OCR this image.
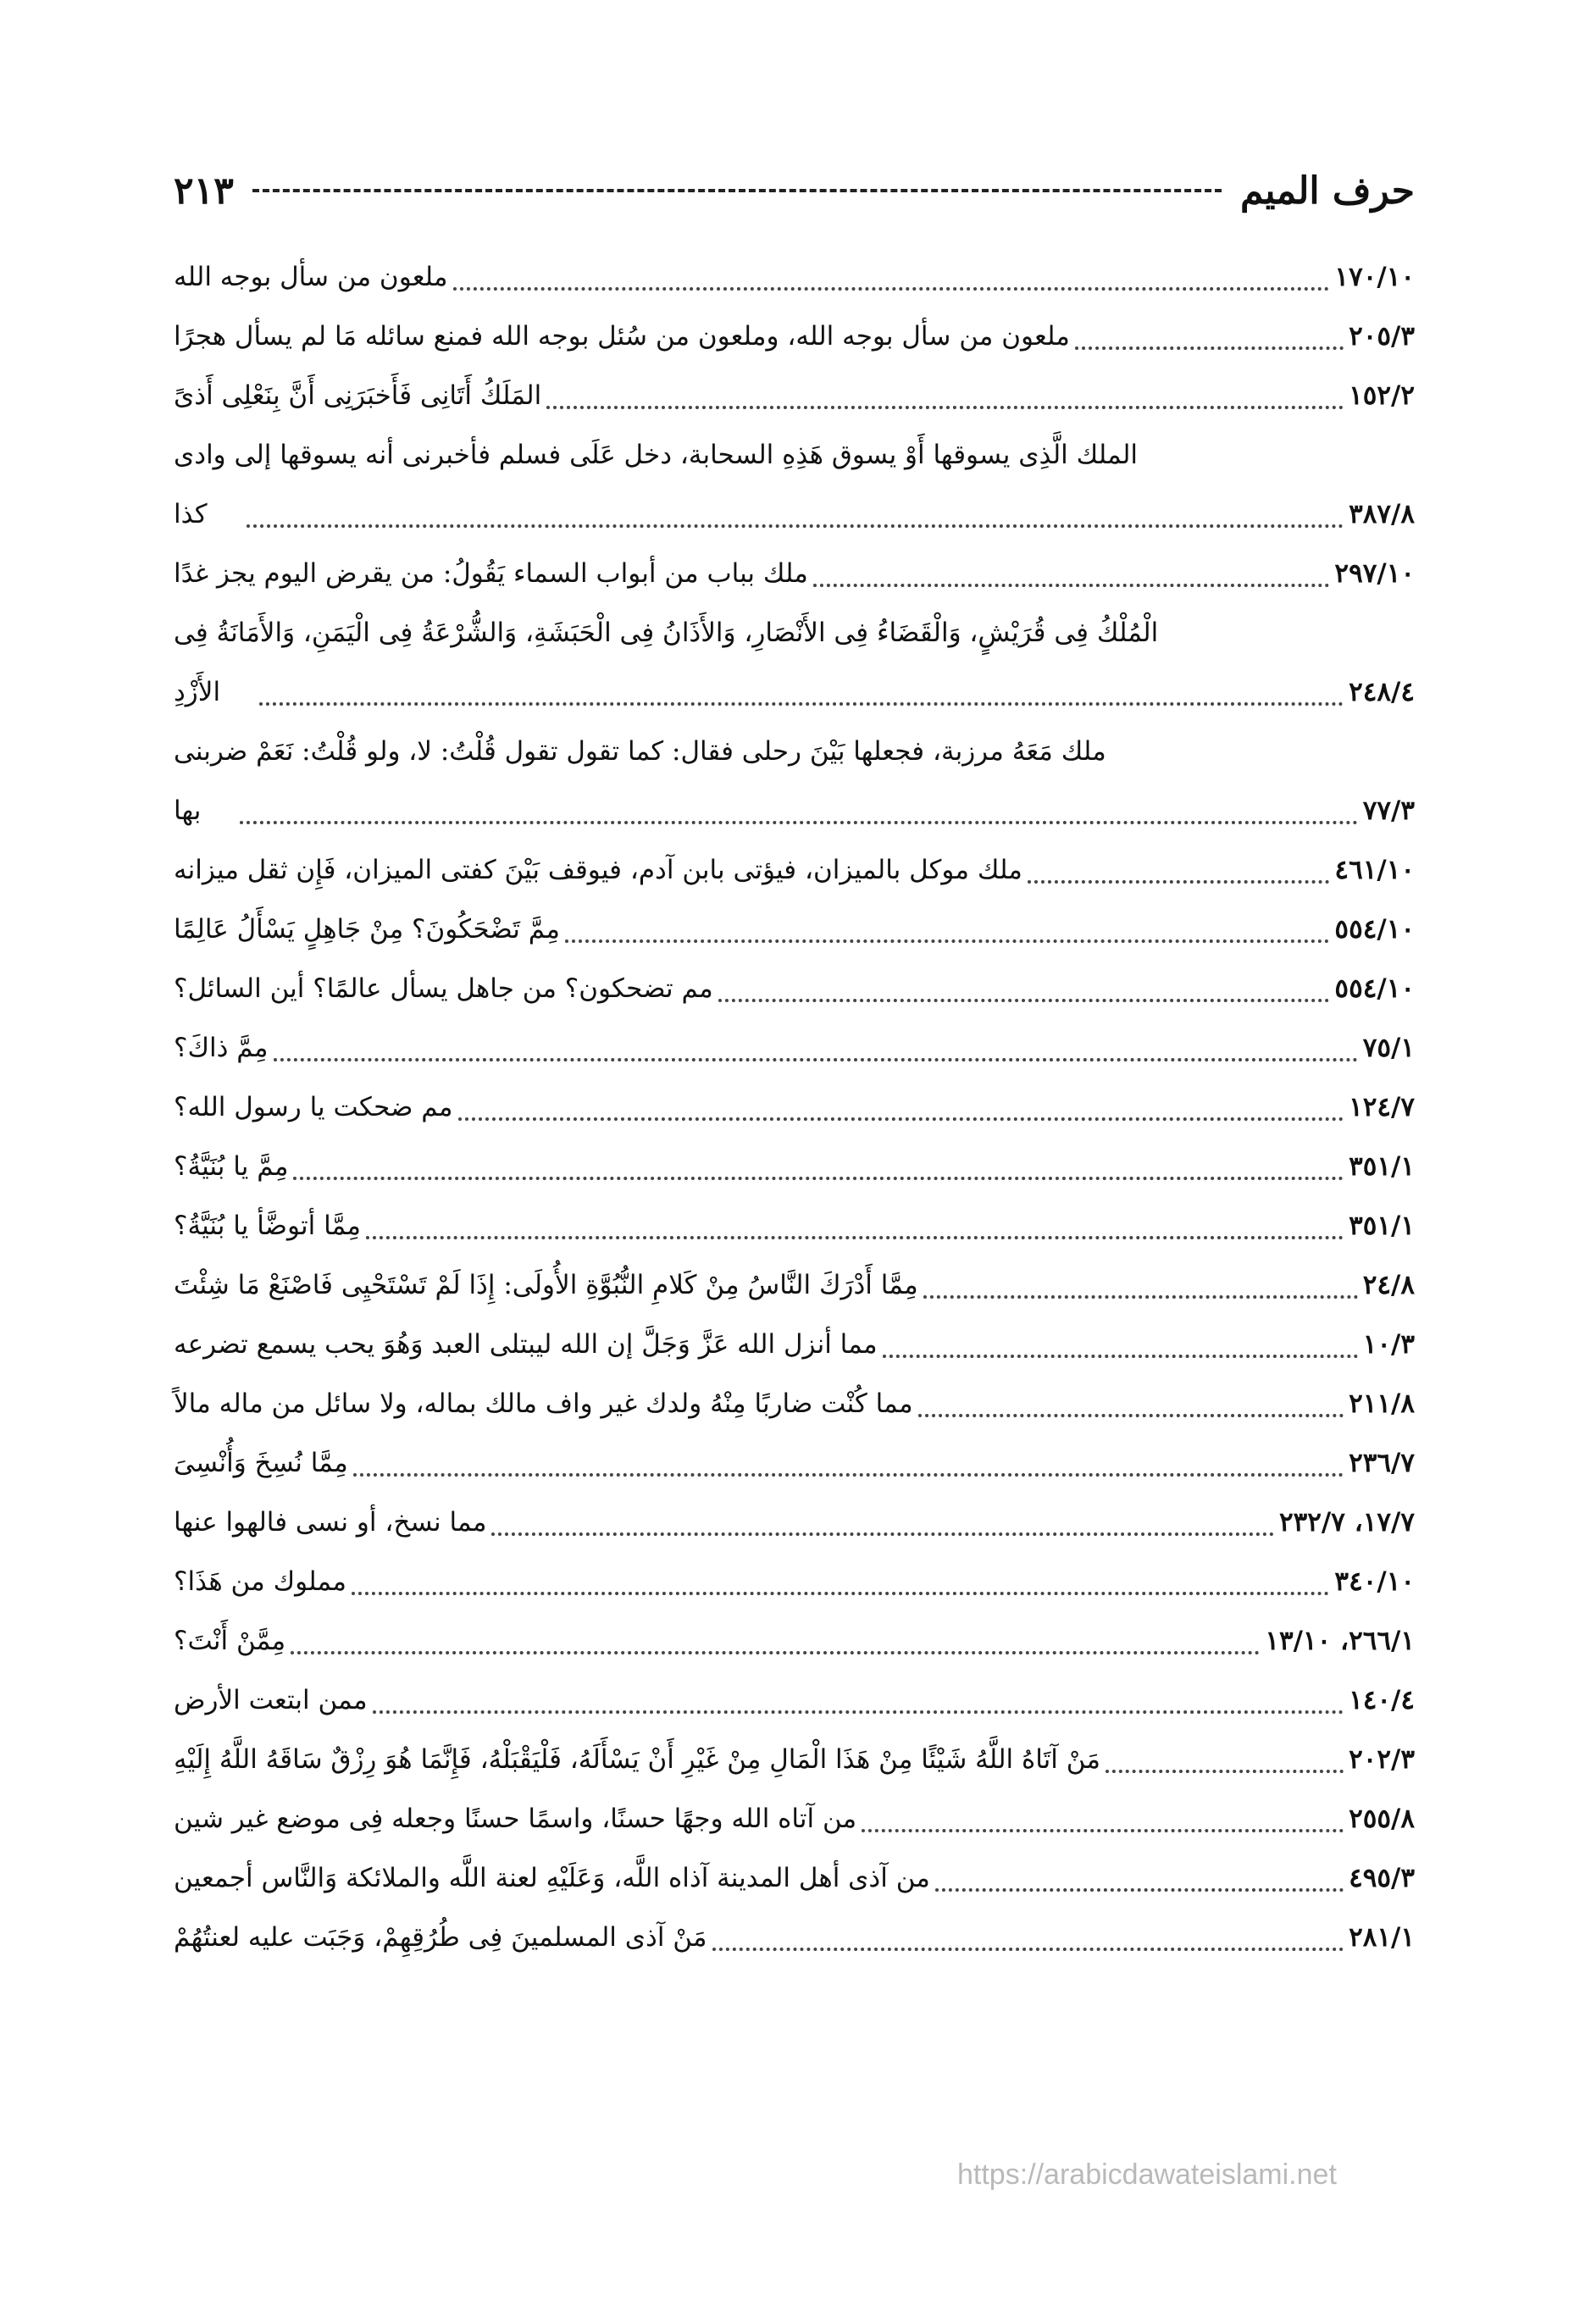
حرف الميم
٢١٣
ملعون من سأل بوجه الله	١٧٠/١٠
ملعون من سأل بوجه الله، وملعون من سُئل بوجه الله فمنع سائله مَا لم يسأل هجرًا	٢٠٥/٣
المَلَكُ أَتَانِى فَأَخبَرَنِى أَنَّ بِنَعْلِى أَذىً	١٥٢/٢
الملك الَّذِى يسوقها أَوْ يسوق هَذِهِ السحابة، دخل عَلَى فسلم فأخبرنى أنه يسوقها إلى وادى
كذا	٣٨٧/٨
ملك بباب من أبواب السماء يَقُولُ: من يقرض اليوم يجز غدًا	٢٩٧/١٠
الْمُلْكُ فِى قُرَيْشٍ، وَالْقَضَاءُ فِى الأَنْصَارِ، وَالأَذَانُ فِى الْحَبَشَةِ، وَالشُّرْعَةُ فِى الْيَمَنِ، وَالأَمَانَةُ فِى
الأَزْدِ	٢٤٨/٤
ملك مَعَهُ مرزبة، فجعلها بَيْنَ رحلى فقال: كما تقول تقول قُلْتُ: لا، ولو قُلْتُ: نَعَمْ ضربنى
بها	٧٧/٣
ملك موكل بالميزان، فيؤتى بابن آدم، فيوقف بَيْنَ كفتى الميزان، فَإِن ثقل ميزانه	٤٦١/١٠
مِمَّ تَضْحَكُونَ؟ مِنْ جَاهِلٍ يَسْأَلُ عَالِمًا	٥٥٤/١٠
مم تضحكون؟ من جاهل يسأل عالمًا؟ أين السائل؟	٥٥٤/١٠
مِمَّ ذاكَ؟	٧٥/١
مم ضحكت يا رسول الله؟	١٢٤/٧
مِمَّ يا بُنَيَّةُ؟	٣٥١/١
مِمَّا أتوضَّأ يا بُنَيَّةُ؟	٣٥١/١
مِمَّا أَدْرَكَ النَّاسُ مِنْ كَلامِ النُّبُوَّةِ الأُولَى: إِذَا لَمْ تَسْتَحْيِى فَاصْنَعْ مَا شِئْتَ	٢٤/٨
مما أنزل الله عَزَّ وَجَلَّ إن الله ليبتلى العبد وَهُوَ يحب يسمع تضرعه	١٠/٣
مما كُنْت ضاربًا مِنْهُ ولدك غير واف مالك بماله، ولا سائل من ماله مالاً	٢١١/٨
مِمَّا نُسِخَ وَأُنْسِىَ	٢٣٦/٧
مما نسخ، أو نسى فالهوا عنها	١٧/٧، ٢٣٢/٧
مملوك من هَذَا؟	٣٤٠/١٠
مِمَّنْ أَنْتَ؟	٢٦٦/١، ١٣/١٠
ممن ابتعت الأرض	١٤٠/٤
مَنْ آتَاهُ اللَّهُ شَيْئًا مِنْ هَذَا الْمَالِ مِنْ غَيْرِ أَنْ يَسْأَلَهُ، فَلْيَقْبَلْهُ، فَإِنَّمَا هُوَ رِزْقٌ سَاقَهُ اللَّهُ إِلَيْهِ	٢٠٢/٣
من آتاه الله وجهًا حسنًا، واسمًا حسنًا وجعله فِى موضع غير شين	٢٥٥/٨
من آذى أهل المدينة آذاه اللَّه، وَعَلَيْهِ لعنة اللَّه والملائكة وَالنَّاس أجمعين	٤٩٥/٣
مَنْ آذى المسلمينَ فِى طُرُقِهِمْ، وَجَبَت عليه لعنتُهُمْ	٢٨١/١
https://arabicdawateislami.net
